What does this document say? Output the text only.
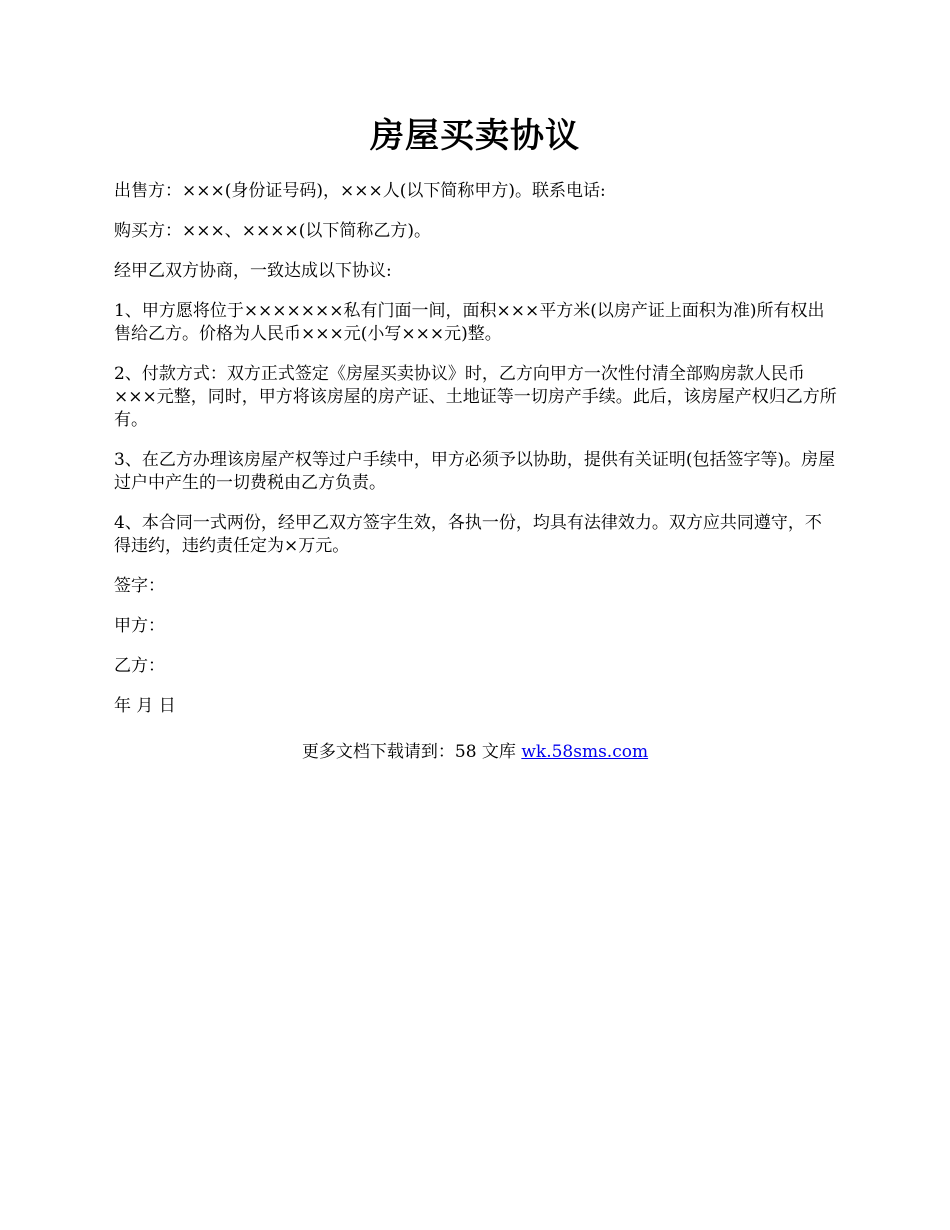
房屋买卖协议

出售方：×××(身份证号码)，×××人(以下简称甲方)。联系电话:

购买方：×××、××××(以下简称乙方)。

经甲乙双方协商，一致达成以下协议:

1、甲方愿将位于×××××××私有门面一间，面积×××平方米(以房产证上面积为准)所有权出售给乙方。价格为人民币×××元(小写×××元)整。

2、付款方式：双方正式签定《房屋买卖协议》时，乙方向甲方一次性付清全部购房款人民币×××元整，同时，甲方将该房屋的房产证、土地证等一切房产手续。此后，该房屋产权归乙方所有。

3、在乙方办理该房屋产权等过户手续中，甲方必须予以协助，提供有关证明(包括签字等)。房屋过户中产生的一切费税由乙方负责。

4、本合同一式两份，经甲乙双方签字生效，各执一份，均具有法律效力。双方应共同遵守，不得违约，违约责任定为×万元。

签字：

甲方：

乙方：

年 月 日

更多文档下载请到：58 文库 wk.58sms.com
